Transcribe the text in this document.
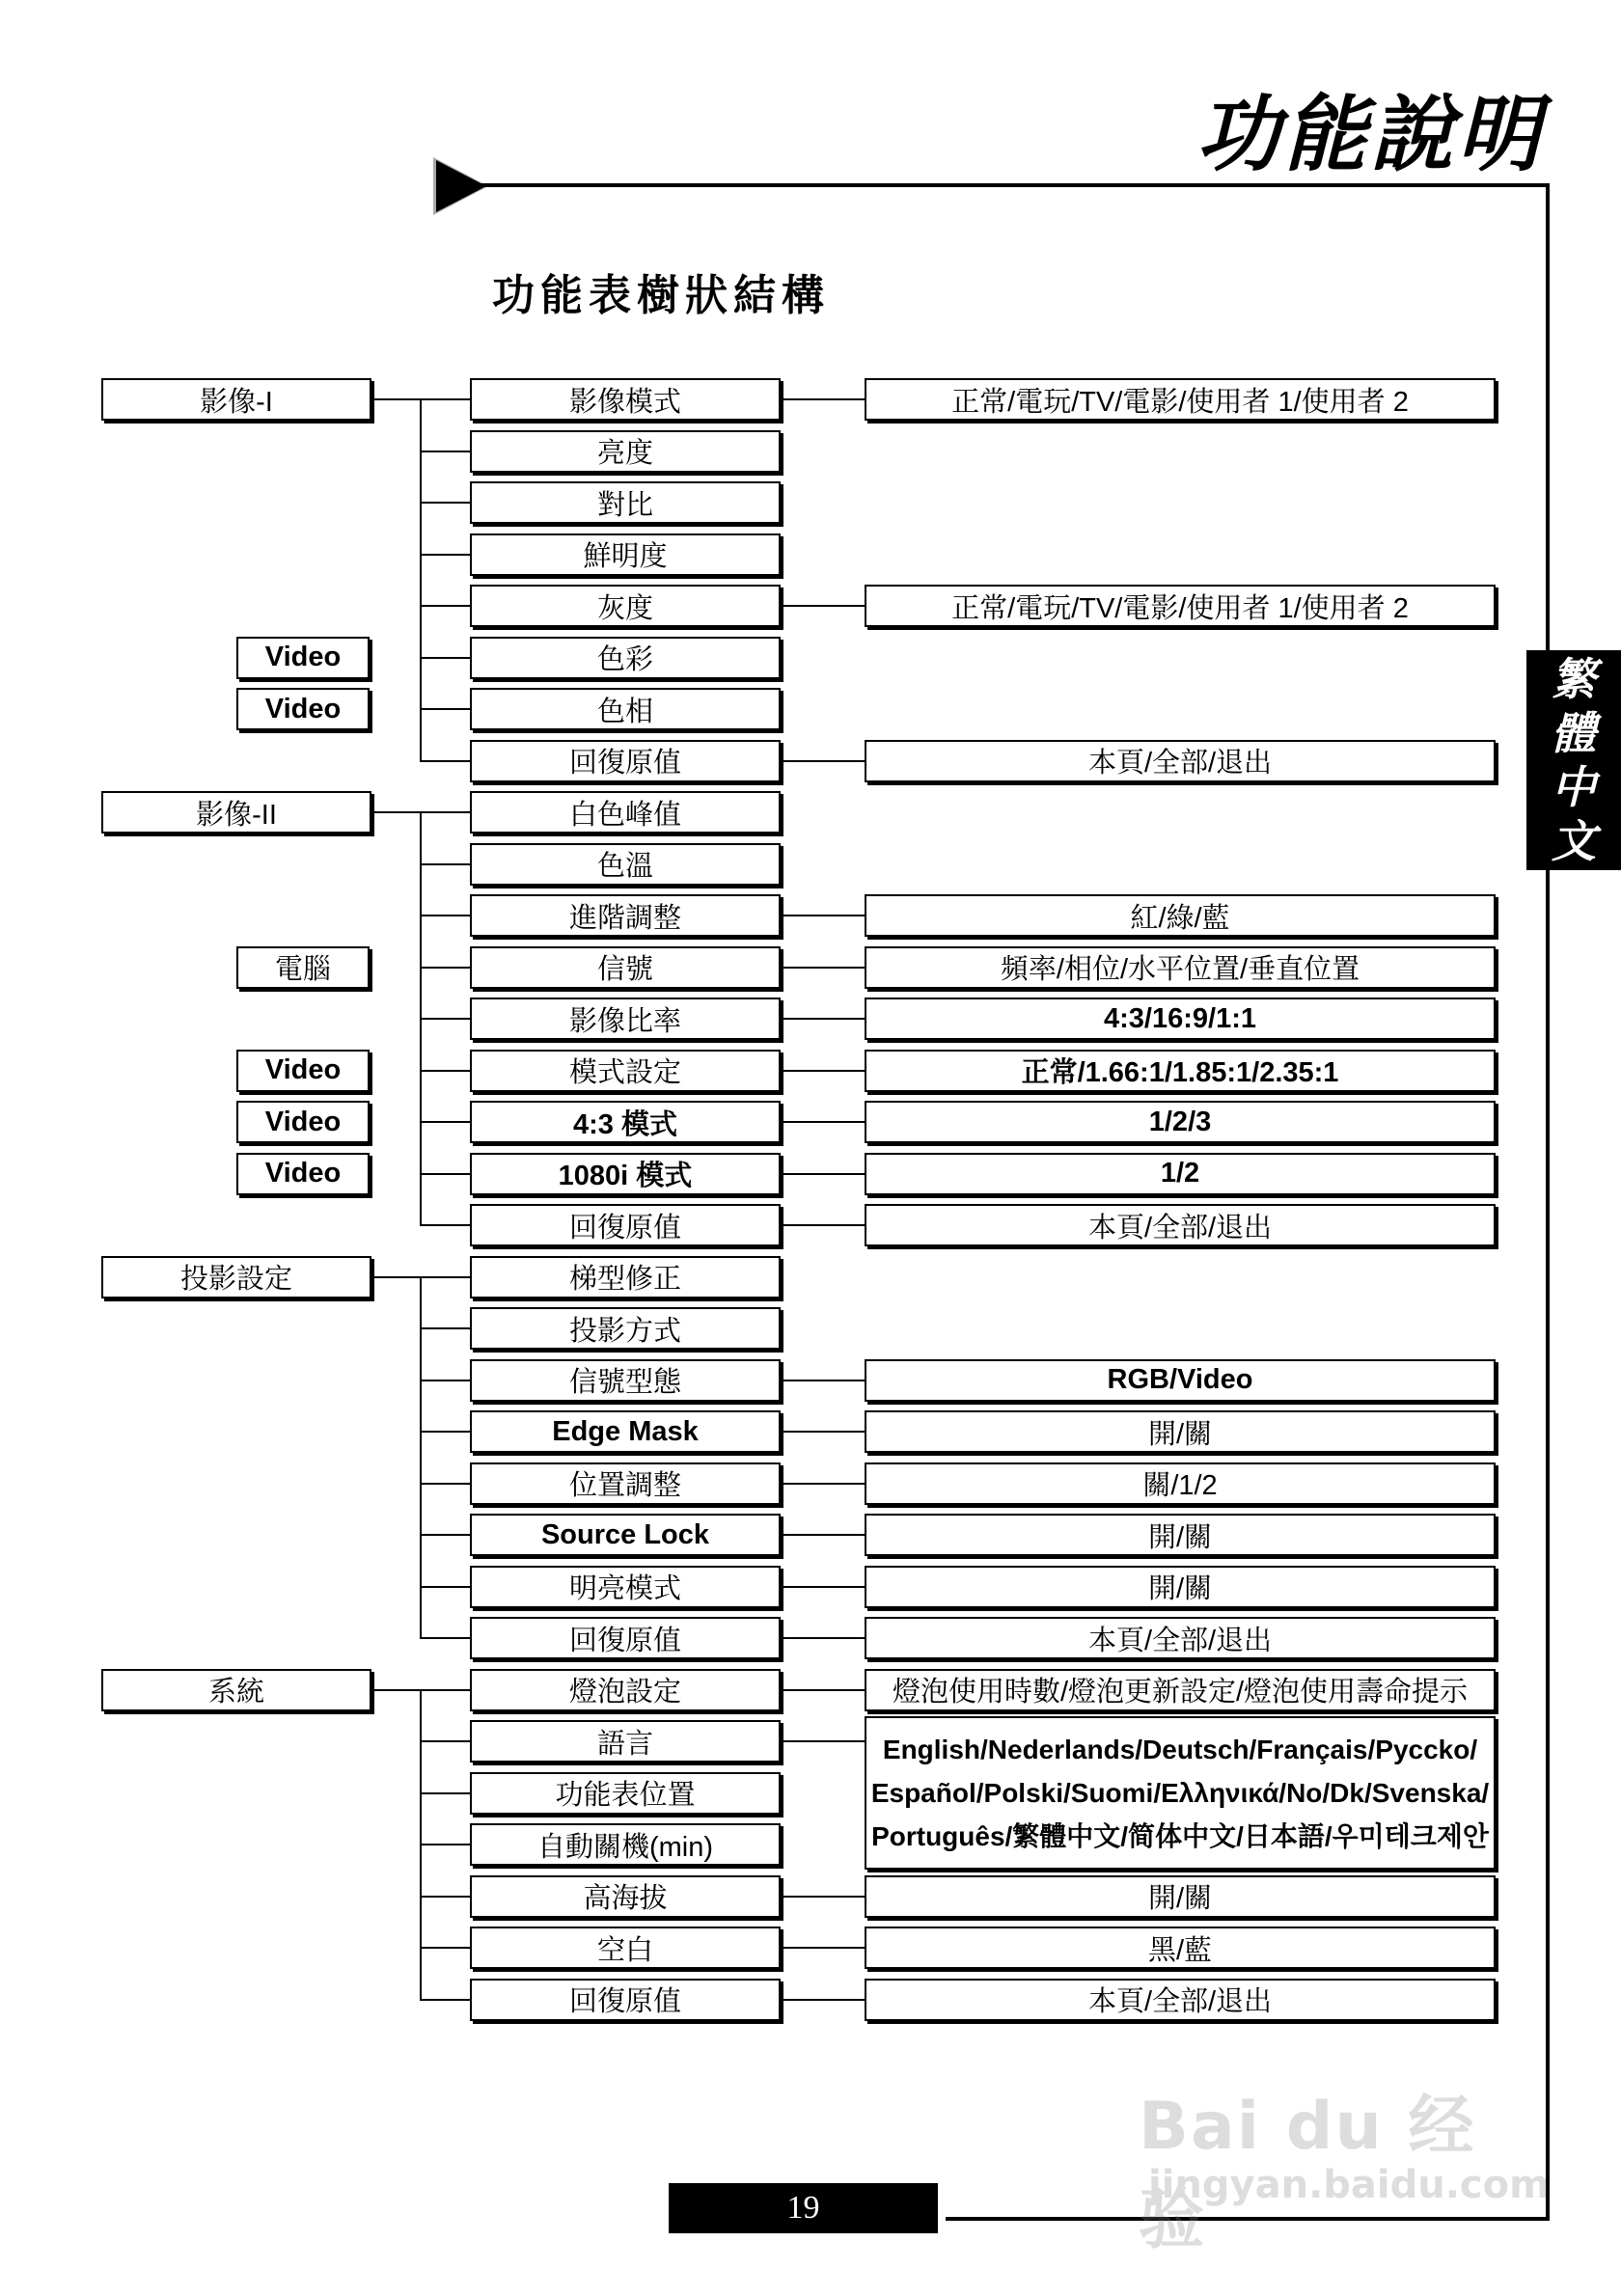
功能說明
繁
體
中
文
功能表樹狀結構
影像-I
影像-II
投影設定
系統
影像模式
亮度
對比
鮮明度
灰度
色彩
色相
回復原值
白色峰值
色溫
進階調整
信號
影像比率
模式設定
4:3 模式
1080i 模式
回復原值
梯型修正
投影方式
信號型態
Edge Mask
位置調整
Source Lock
明亮模式
回復原值
燈泡設定
語言
功能表位置
自動關機(min)
高海拔
空白
回復原值
Video
Video
電腦
Video
Video
Video
正常/電玩/TV/電影/使用者 1/使用者 2
正常/電玩/TV/電影/使用者 1/使用者 2
本頁/全部/退出
紅/綠/藍
頻率/相位/水平位置/垂直位置
4:3/16:9/1:1
正常/1.66:1/1.85:1/2.35:1
1/2/3
1/2
本頁/全部/退出
RGB/Video
開/關
關/1/2
開/關
開/關
本頁/全部/退出
燈泡使用時數/燈泡更新設定/燈泡使用壽命提示
開/關
黑/藍
本頁/全部/退出
English/Nederlands/Deutsch/Français/Pycckо/
Español/Polski/Suomi/Eλληνικά/No/Dk/Svenska/
Português/繁體中文/简体中文/日本語/우미테크제안
19
Bai du 经验
jingyan.baidu.com
